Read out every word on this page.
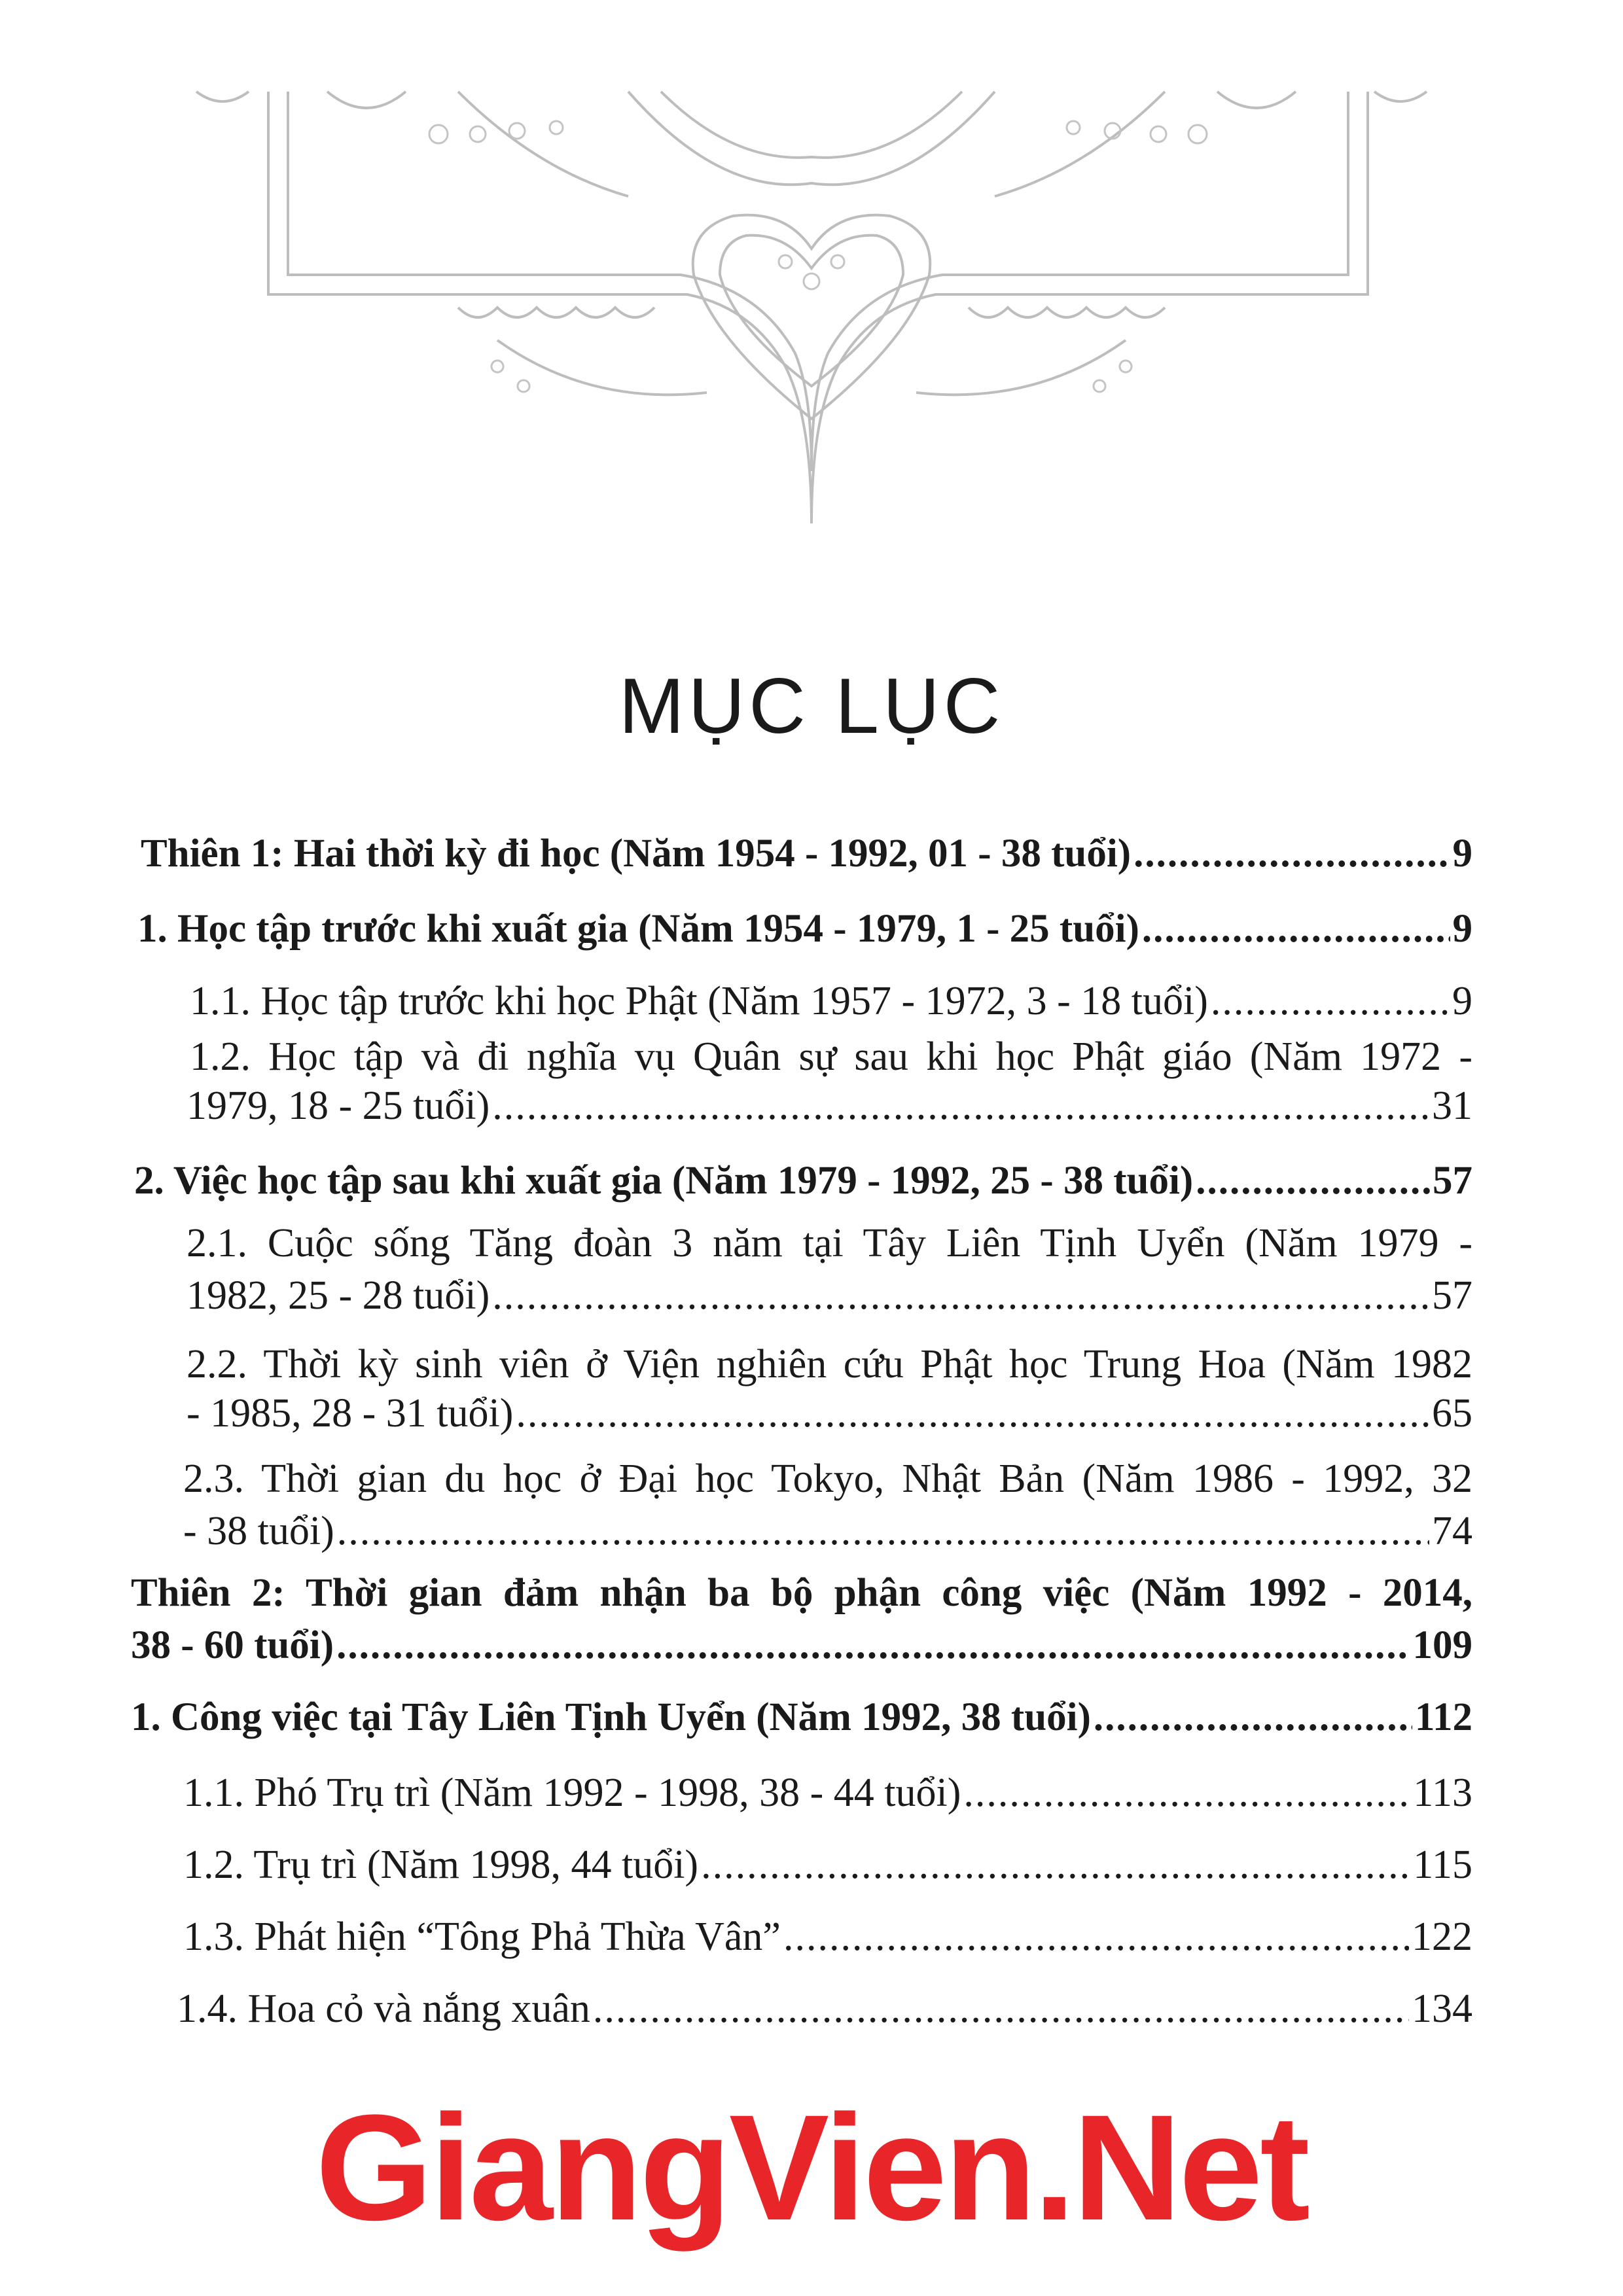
MỤC LỤC
Thiên 1: Hai thời kỳ đi học (Năm 1954 - 1992, 01 - 38 tuổi) .....	9
1. Học tập trước khi xuất gia (Năm 1954 - 1979, 1 - 25 tuổi) .....	9
1.1. Học tập trước khi học Phật (Năm 1957 - 1972, 3 - 18 tuổi) .....	9
1.2. Học tập và đi nghĩa vụ Quân sự sau khi học Phật giáo (Năm 1972 -
1979, 18 - 25 tuổi) .....	31
2. Việc học tập sau khi xuất gia (Năm 1979 - 1992, 25 - 38 tuổi) .....	57
2.1. Cuộc sống Tăng đoàn 3 năm tại Tây Liên Tịnh Uyển (Năm 1979 -
1982, 25 - 28 tuổi) .....	57
2.2. Thời kỳ sinh viên ở Viện nghiên cứu Phật học Trung Hoa (Năm 1982
- 1985, 28 - 31 tuổi) .....	65
2.3. Thời gian du học ở Đại học Tokyo, Nhật Bản (Năm 1986 - 1992, 32
- 38 tuổi) .....	74
Thiên 2: Thời gian đảm nhận ba bộ phận công việc (Năm 1992 - 2014,
38 - 60 tuổi) .....	109
1. Công việc tại Tây Liên Tịnh Uyển (Năm 1992, 38 tuổi) .....	112
1.1. Phó Trụ trì (Năm 1992 - 1998, 38 - 44 tuổi) .....	113
1.2. Trụ trì (Năm 1998, 44 tuổi) .....	115
1.3. Phát hiện “Tông Phả Thừa Vân” .....	122
1.4. Hoa cỏ và nắng xuân .....	134
GiangVien.Net
